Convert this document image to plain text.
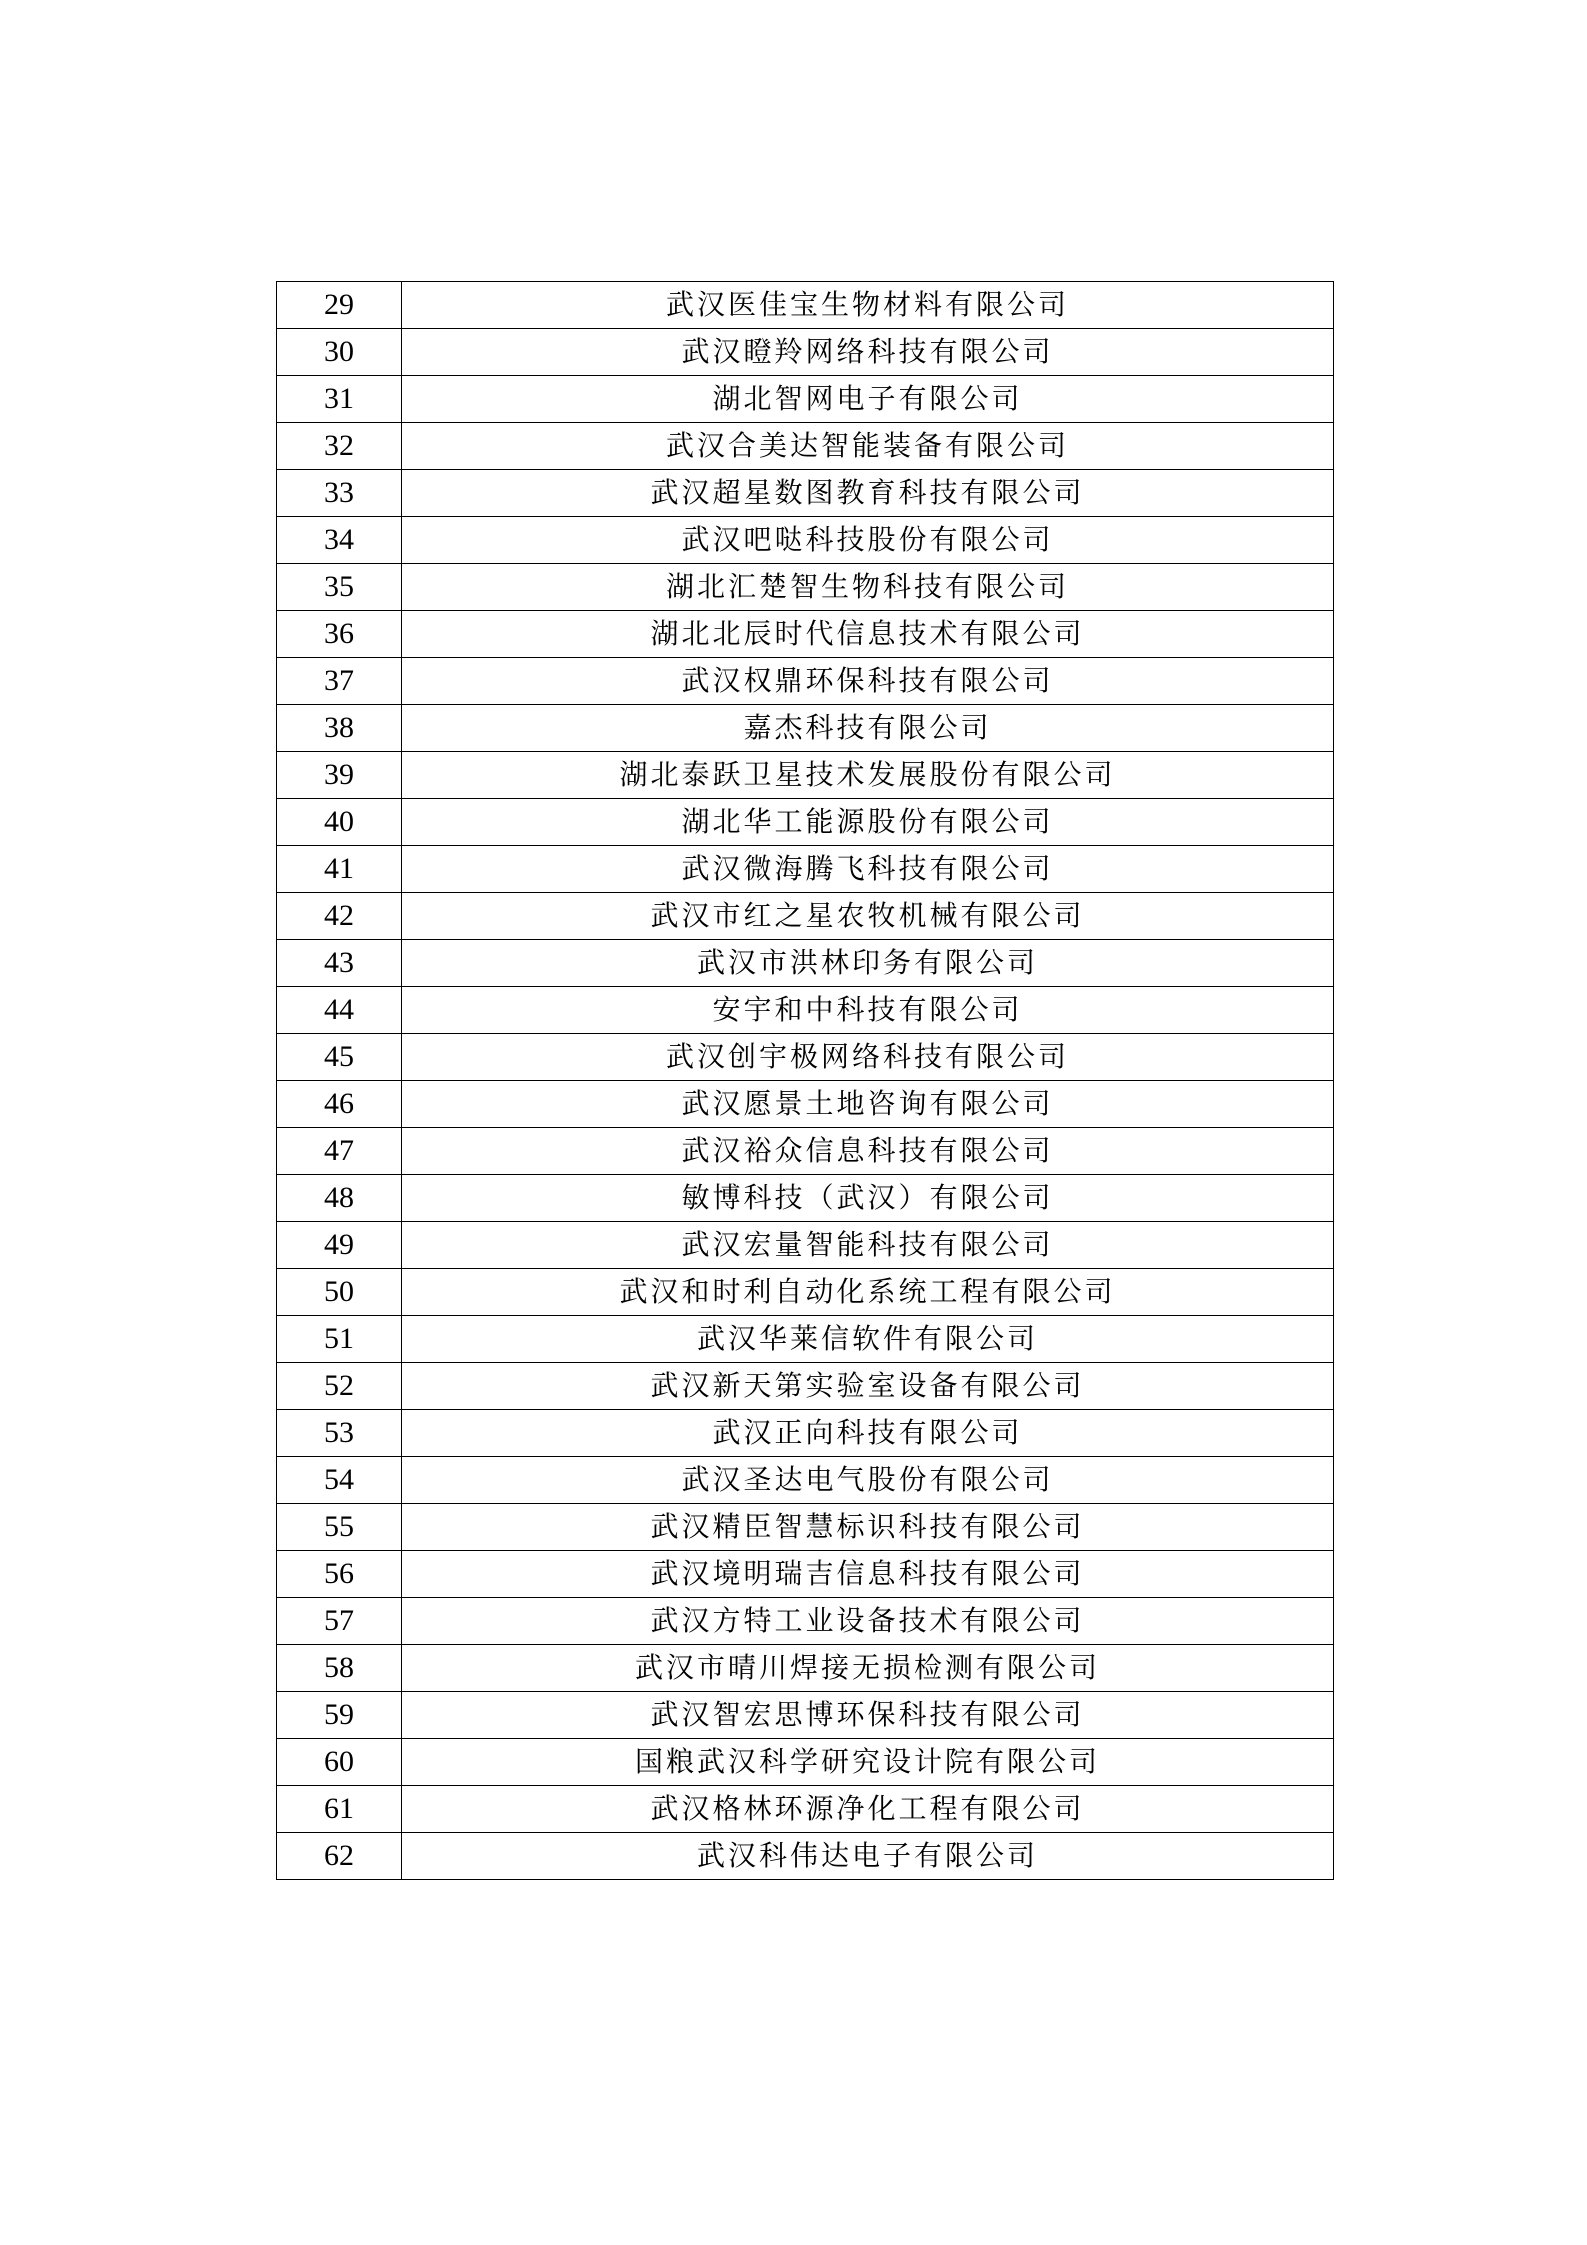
29	武汉医佳宝生物材料有限公司
30	武汉瞪羚网络科技有限公司
31	湖北智网电子有限公司
32	武汉合美达智能装备有限公司
33	武汉超星数图教育科技有限公司
34	武汉吧哒科技股份有限公司
35	湖北汇楚智生物科技有限公司
36	湖北北辰时代信息技术有限公司
37	武汉权鼎环保科技有限公司
38	嘉杰科技有限公司
39	湖北泰跃卫星技术发展股份有限公司
40	湖北华工能源股份有限公司
41	武汉微海腾飞科技有限公司
42	武汉市红之星农牧机械有限公司
43	武汉市洪林印务有限公司
44	安宇和中科技有限公司
45	武汉创宇极网络科技有限公司
46	武汉愿景土地咨询有限公司
47	武汉裕众信息科技有限公司
48	敏博科技（武汉）有限公司
49	武汉宏量智能科技有限公司
50	武汉和时利自动化系统工程有限公司
51	武汉华莱信软件有限公司
52	武汉新天第实验室设备有限公司
53	武汉正向科技有限公司
54	武汉圣达电气股份有限公司
55	武汉精臣智慧标识科技有限公司
56	武汉境明瑞吉信息科技有限公司
57	武汉方特工业设备技术有限公司
58	武汉市晴川焊接无损检测有限公司
59	武汉智宏思博环保科技有限公司
60	国粮武汉科学研究设计院有限公司
61	武汉格林环源净化工程有限公司
62	武汉科伟达电子有限公司
